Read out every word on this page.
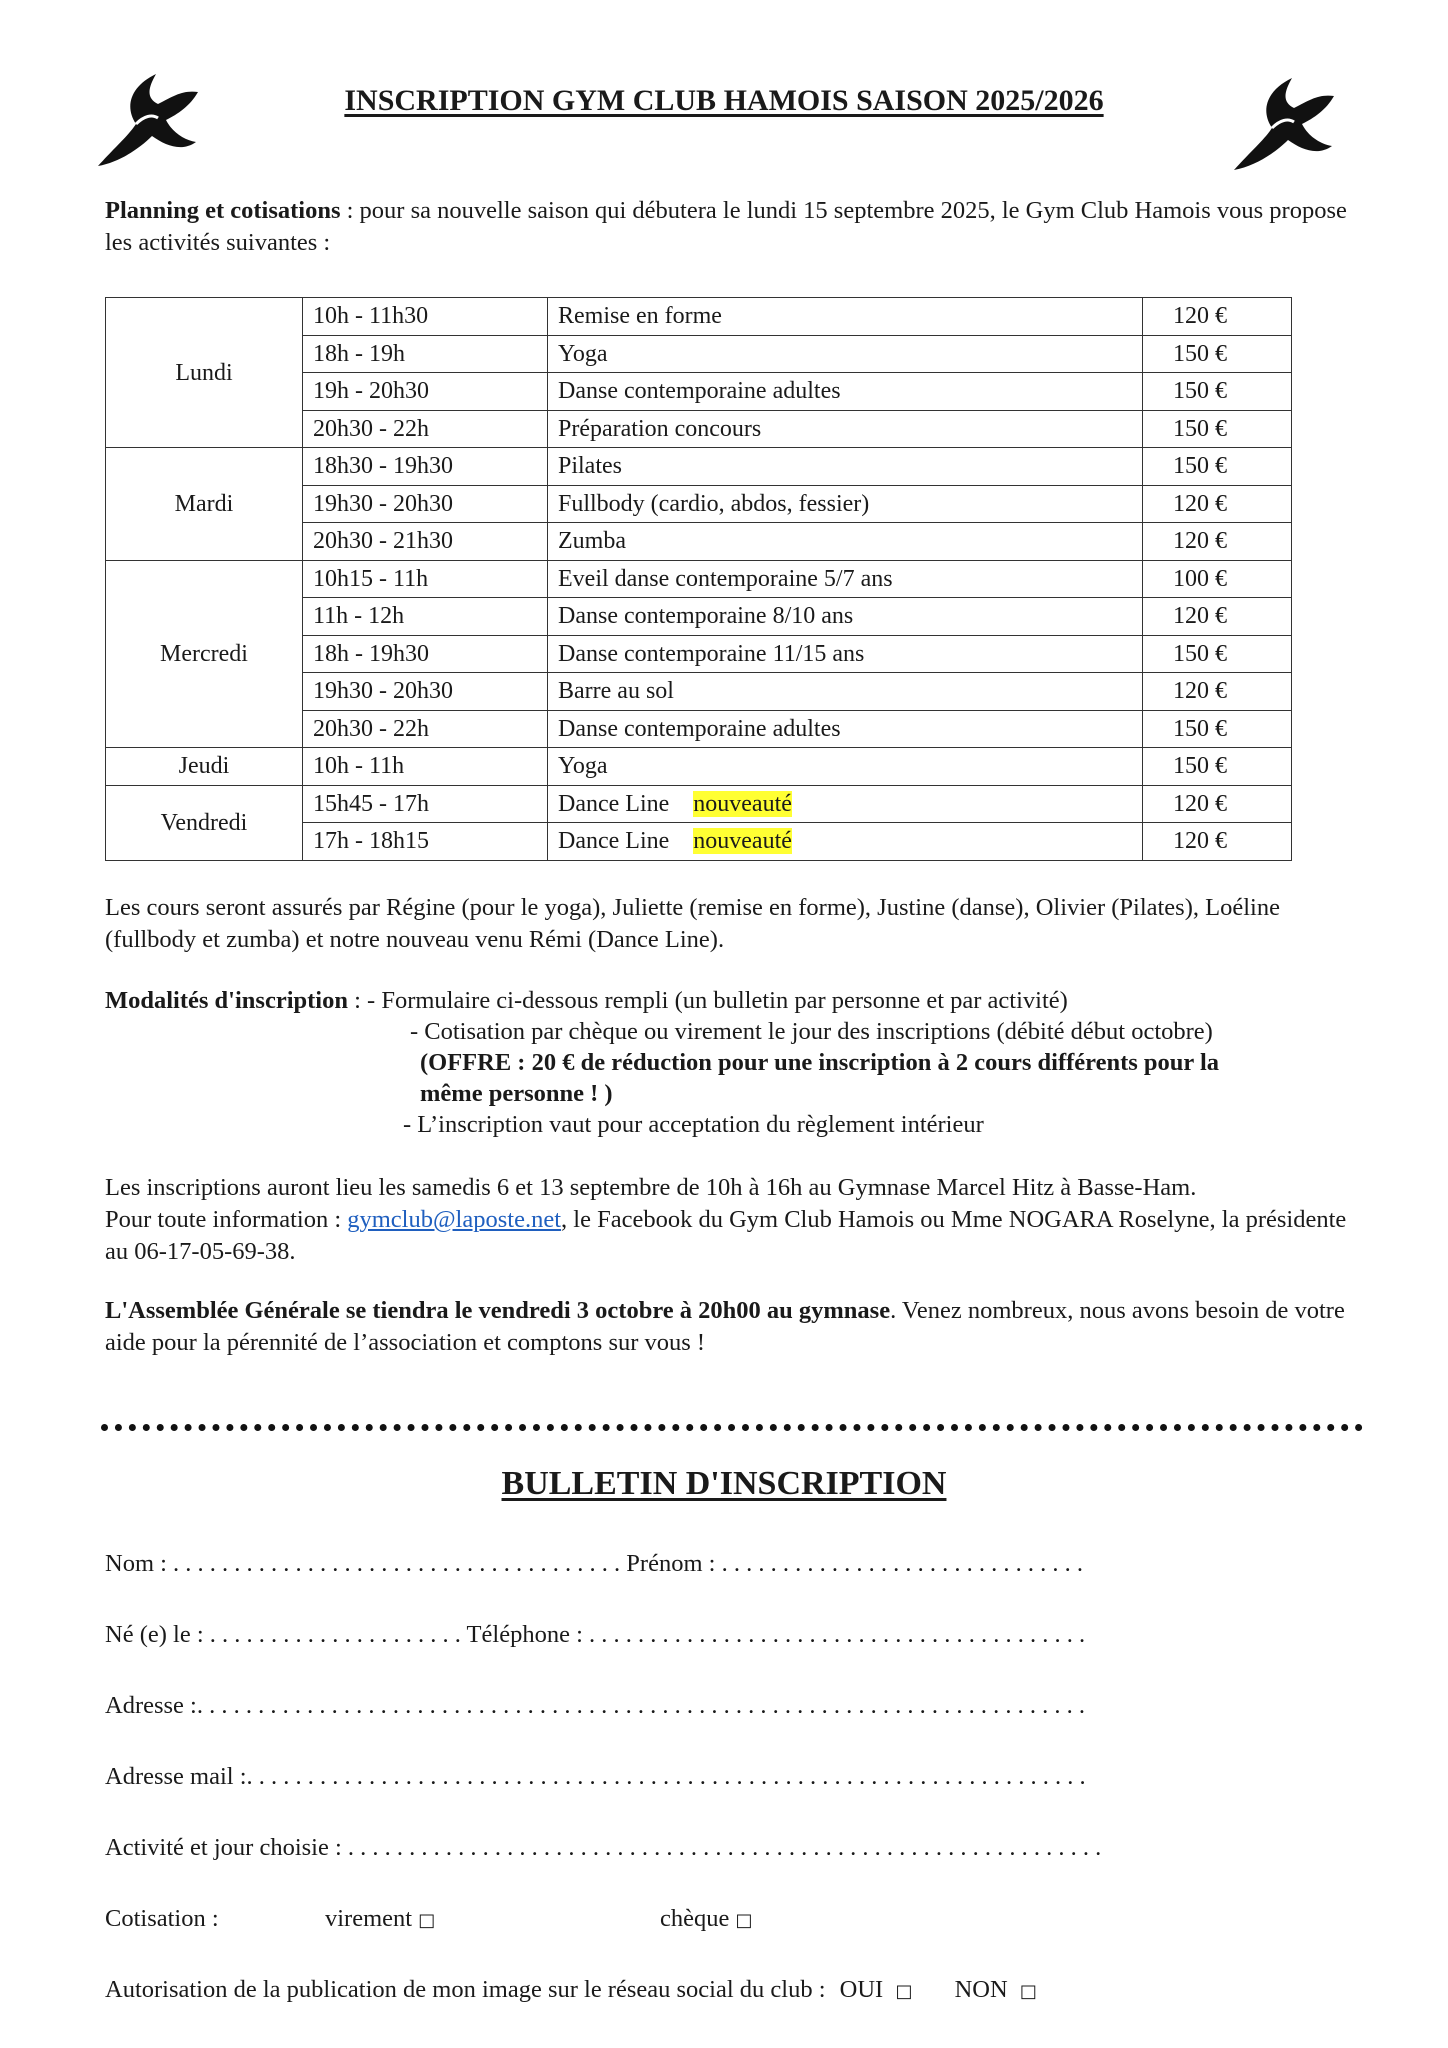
INSCRIPTION GYM CLUB HAMOIS SAISON 2025/2026
Planning et cotisations : pour sa nouvelle saison qui débutera le lundi 15 septembre 2025, le Gym Club Hamois vous propose les activités suivantes :
Lundi	10h - 11h30	Remise en forme	120 €
	18h - 19h	Yoga	150 €
	19h - 20h30	Danse contemporaine adultes	150 €
	20h30 - 22h	Préparation concours	150 €
Mardi	18h30 - 19h30	Pilates	150 €
	19h30 - 20h30	Fullbody (cardio, abdos, fessier)	120 €
	20h30 - 21h30	Zumba	120 €
Mercredi	10h15 - 11h	Eveil danse contemporaine 5/7 ans	100 €
	11h - 12h	Danse contemporaine 8/10 ans	120 €
	18h - 19h30	Danse contemporaine 11/15 ans	150 €
	19h30 - 20h30	Barre au sol	120 €
	20h30 - 22h	Danse contemporaine adultes	150 €
Jeudi	10h - 11h	Yoga	150 €
Vendredi	15h45 - 17h	Dance Line nouveauté	120 €
	17h - 18h15	Dance Line nouveauté	120 €
Les cours seront assurés par Régine (pour le yoga), Juliette (remise en forme), Justine (danse), Olivier (Pilates), Loéline (fullbody et zumba) et notre nouveau venu Rémi (Dance Line).
Modalités d'inscription : - Formulaire ci-dessous rempli (un bulletin par personne et par activité)
- Cotisation par chèque ou virement le jour des inscriptions (débité début octobre)
(OFFRE : 20 € de réduction pour une inscription à 2 cours différents pour la
même personne ! )
- L’inscription vaut pour acceptation du règlement intérieur
Les inscriptions auront lieu les samedis 6 et 13 septembre de 10h à 16h au Gymnase Marcel Hitz à Basse-Ham.
Pour toute information : gymclub@laposte.net, le Facebook du Gym Club Hamois ou Mme NOGARA Roselyne, la présidente au 06-17-05-69-38.
L'Assemblée Générale se tiendra le vendredi 3 octobre à 20h00 au gymnase. Venez nombreux, nous avons besoin de votre aide pour la pérennité de l’association et comptons sur vous !
BULLETIN D'INSCRIPTION
Nom : . . . . . . . . . . . . . . . . . . . . . . . . . . . . . . . . . . . . . Prénom : . . . . . . . . . . . . . . . . . . . . . . . . . . . . . .
Né (e) le : . . . . . . . . . . . . . . . . . . . . . Téléphone : . . . . . . . . . . . . . . . . . . . . . . . . . . . . . . . . . . . . . . . . .
Adresse :. . . . . . . . . . . . . . . . . . . . . . . . . . . . . . . . . . . . . . . . . . . . . . . . . . . . . . . . . . . . . . . . . . . . . . . . .
Adresse mail :. . . . . . . . . . . . . . . . . . . . . . . . . . . . . . . . . . . . . . . . . . . . . . . . . . . . . . . . . . . . . . . . . . . . .
Activité et jour choisie : . . . . . . . . . . . . . . . . . . . . . . . . . . . . . . . . . . . . . . . . . . . . . . . . . . . . . . . . . . . . . .
Cotisation :	virement □	chèque □
Autorisation de la publication de mon image sur le réseau social du club : OUI □ NON □
